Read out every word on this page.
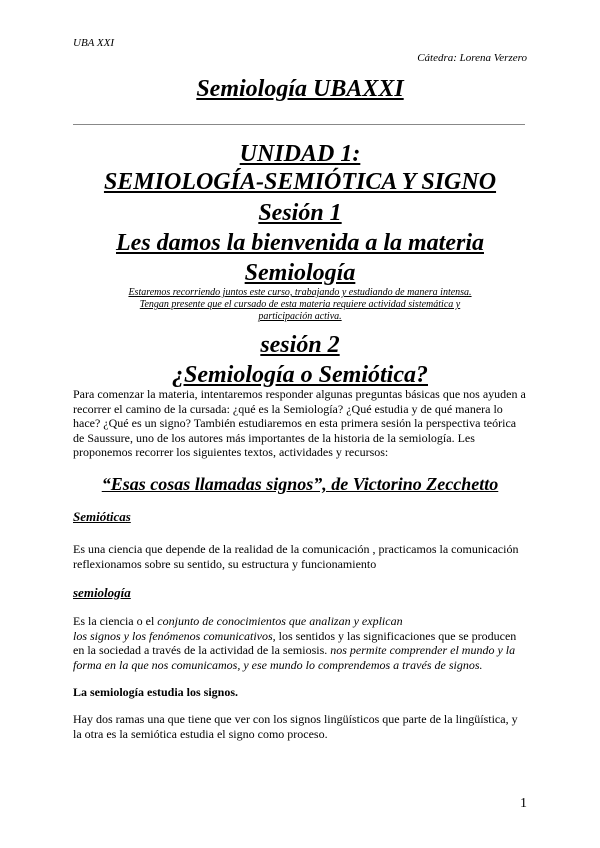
UBA XXI
Cátedra: Lorena Verzero
Semiología UBAXXI
UNIDAD 1:
SEMIOLOGÍA-SEMIÓTICA Y SIGNO
Sesión 1
Les damos la bienvenida a la materia
Semiología
Estaremos recorriendo juntos este curso, trabajando y estudiando de manera intensa.
Tengan presente que el cursado de esta materia requiere actividad sistemática y
participación activa.
sesión 2
¿Semiología o Semiótica?
Para comenzar la materia, intentaremos responder algunas preguntas básicas que nos ayuden a recorrer el camino de la cursada: ¿qué es la Semiología? ¿Qué estudia y de qué manera lo hace? ¿Qué es un signo? También estudiaremos en esta primera sesión la perspectiva teórica de Saussure, uno de los autores más importantes de la historia de la semiología. Les proponemos recorrer los siguientes textos, actividades y recursos:
“Esas cosas llamadas signos”, de Victorino Zecchetto
Semióticas
Es una ciencia que depende de la realidad de la comunicación , practicamos la comunicación reflexionamos sobre su sentido, su estructura y funcionamiento
semiología
Es la ciencia o el conjunto de conocimientos que analizan y explican
los signos y los fenómenos comunicativos, los sentidos y las significaciones que se producen en la sociedad a través de la actividad de la semiosis. nos permite comprender el mundo y la forma en la que nos comunicamos, y ese mundo lo comprendemos a través de signos.
La semiología estudia los signos.
Hay dos ramas una que tiene que ver con los signos lingüísticos que parte de la lingüística, y la otra es la semiótica estudia el signo como proceso.
1
